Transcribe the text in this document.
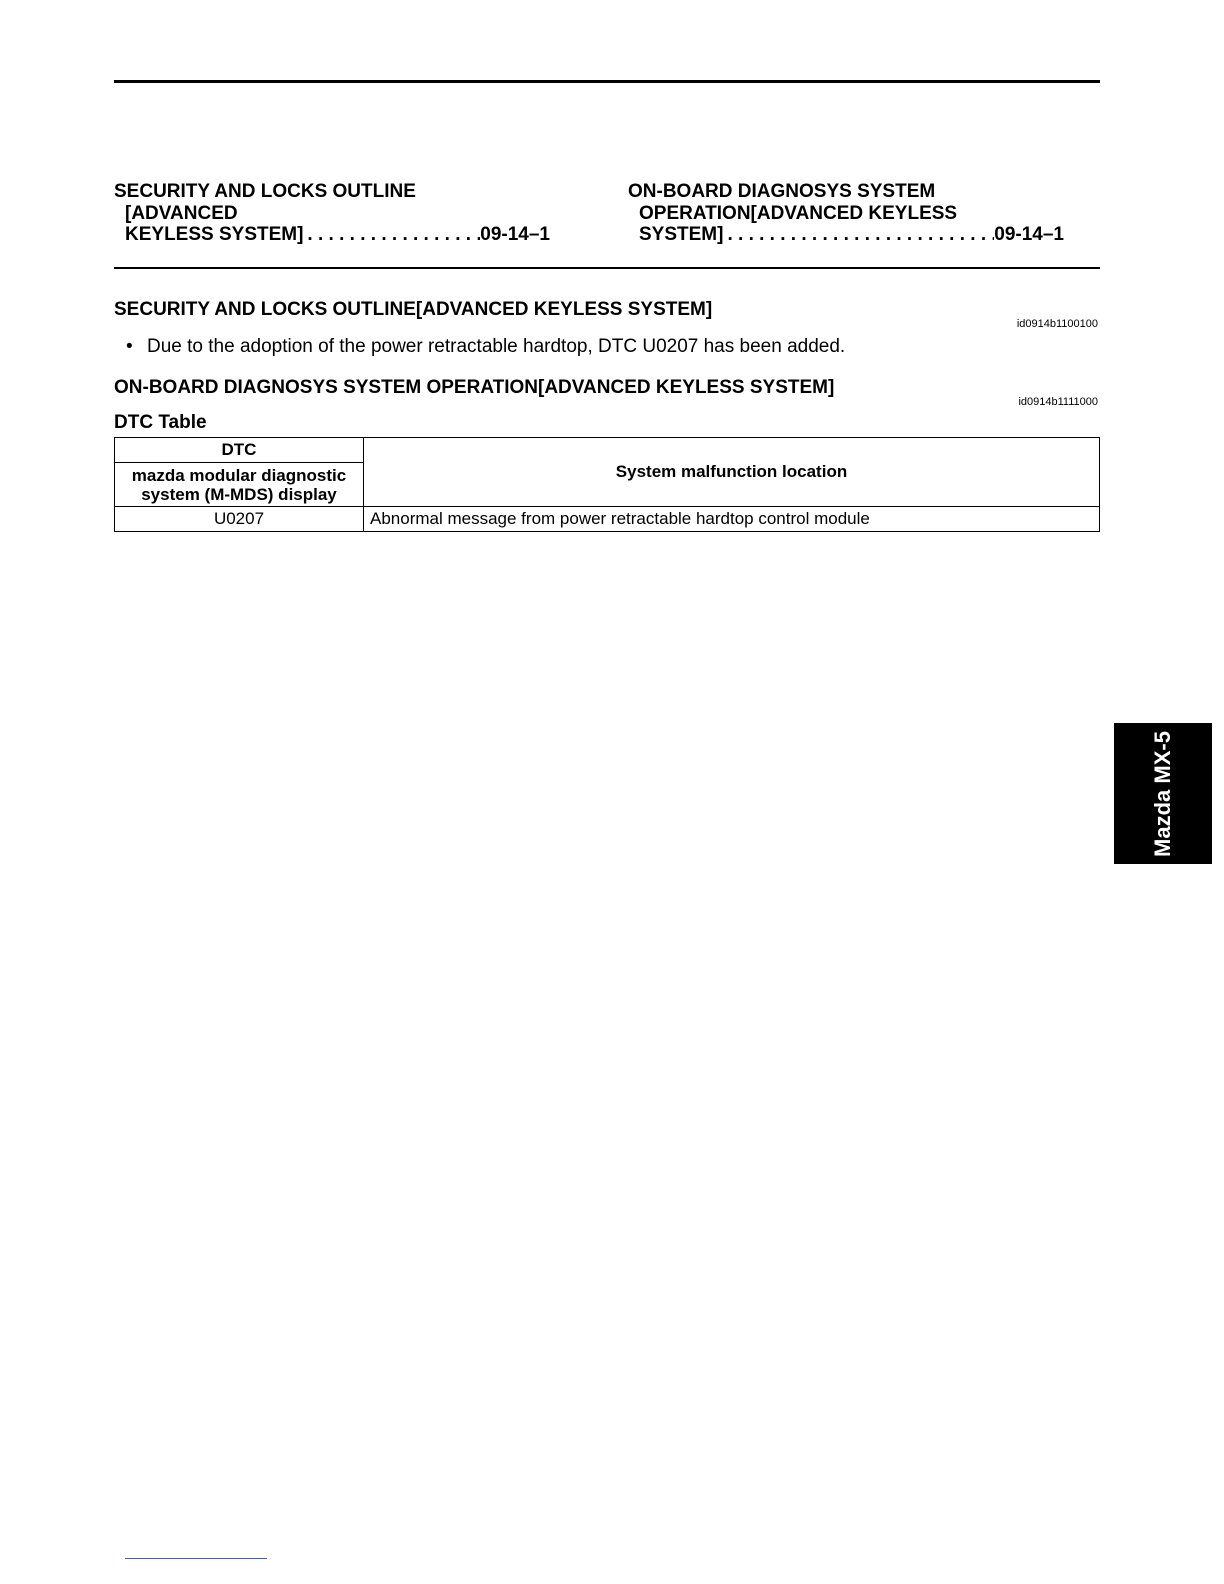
SECURITY AND LOCKS OUTLINE
[ADVANCED
KEYLESS SYSTEM] . . .	09-14–1
ON-BOARD DIAGNOSYS SYSTEM
OPERATION[ADVANCED KEYLESS
SYSTEM] . . .	09-14–1
SECURITY AND LOCKS OUTLINE[ADVANCED KEYLESS SYSTEM]
id0914b1100100
• Due to the adoption of the power retractable hardtop, DTC U0207 has been added.
ON-BOARD DIAGNOSYS SYSTEM OPERATION[ADVANCED KEYLESS SYSTEM]
id0914b1111000
DTC Table
DTC	System malfunction location
mazda modular diagnostic system (M-MDS) display	
U0207	Abnormal message from power retractable hardtop control module
Mazda MX-5
